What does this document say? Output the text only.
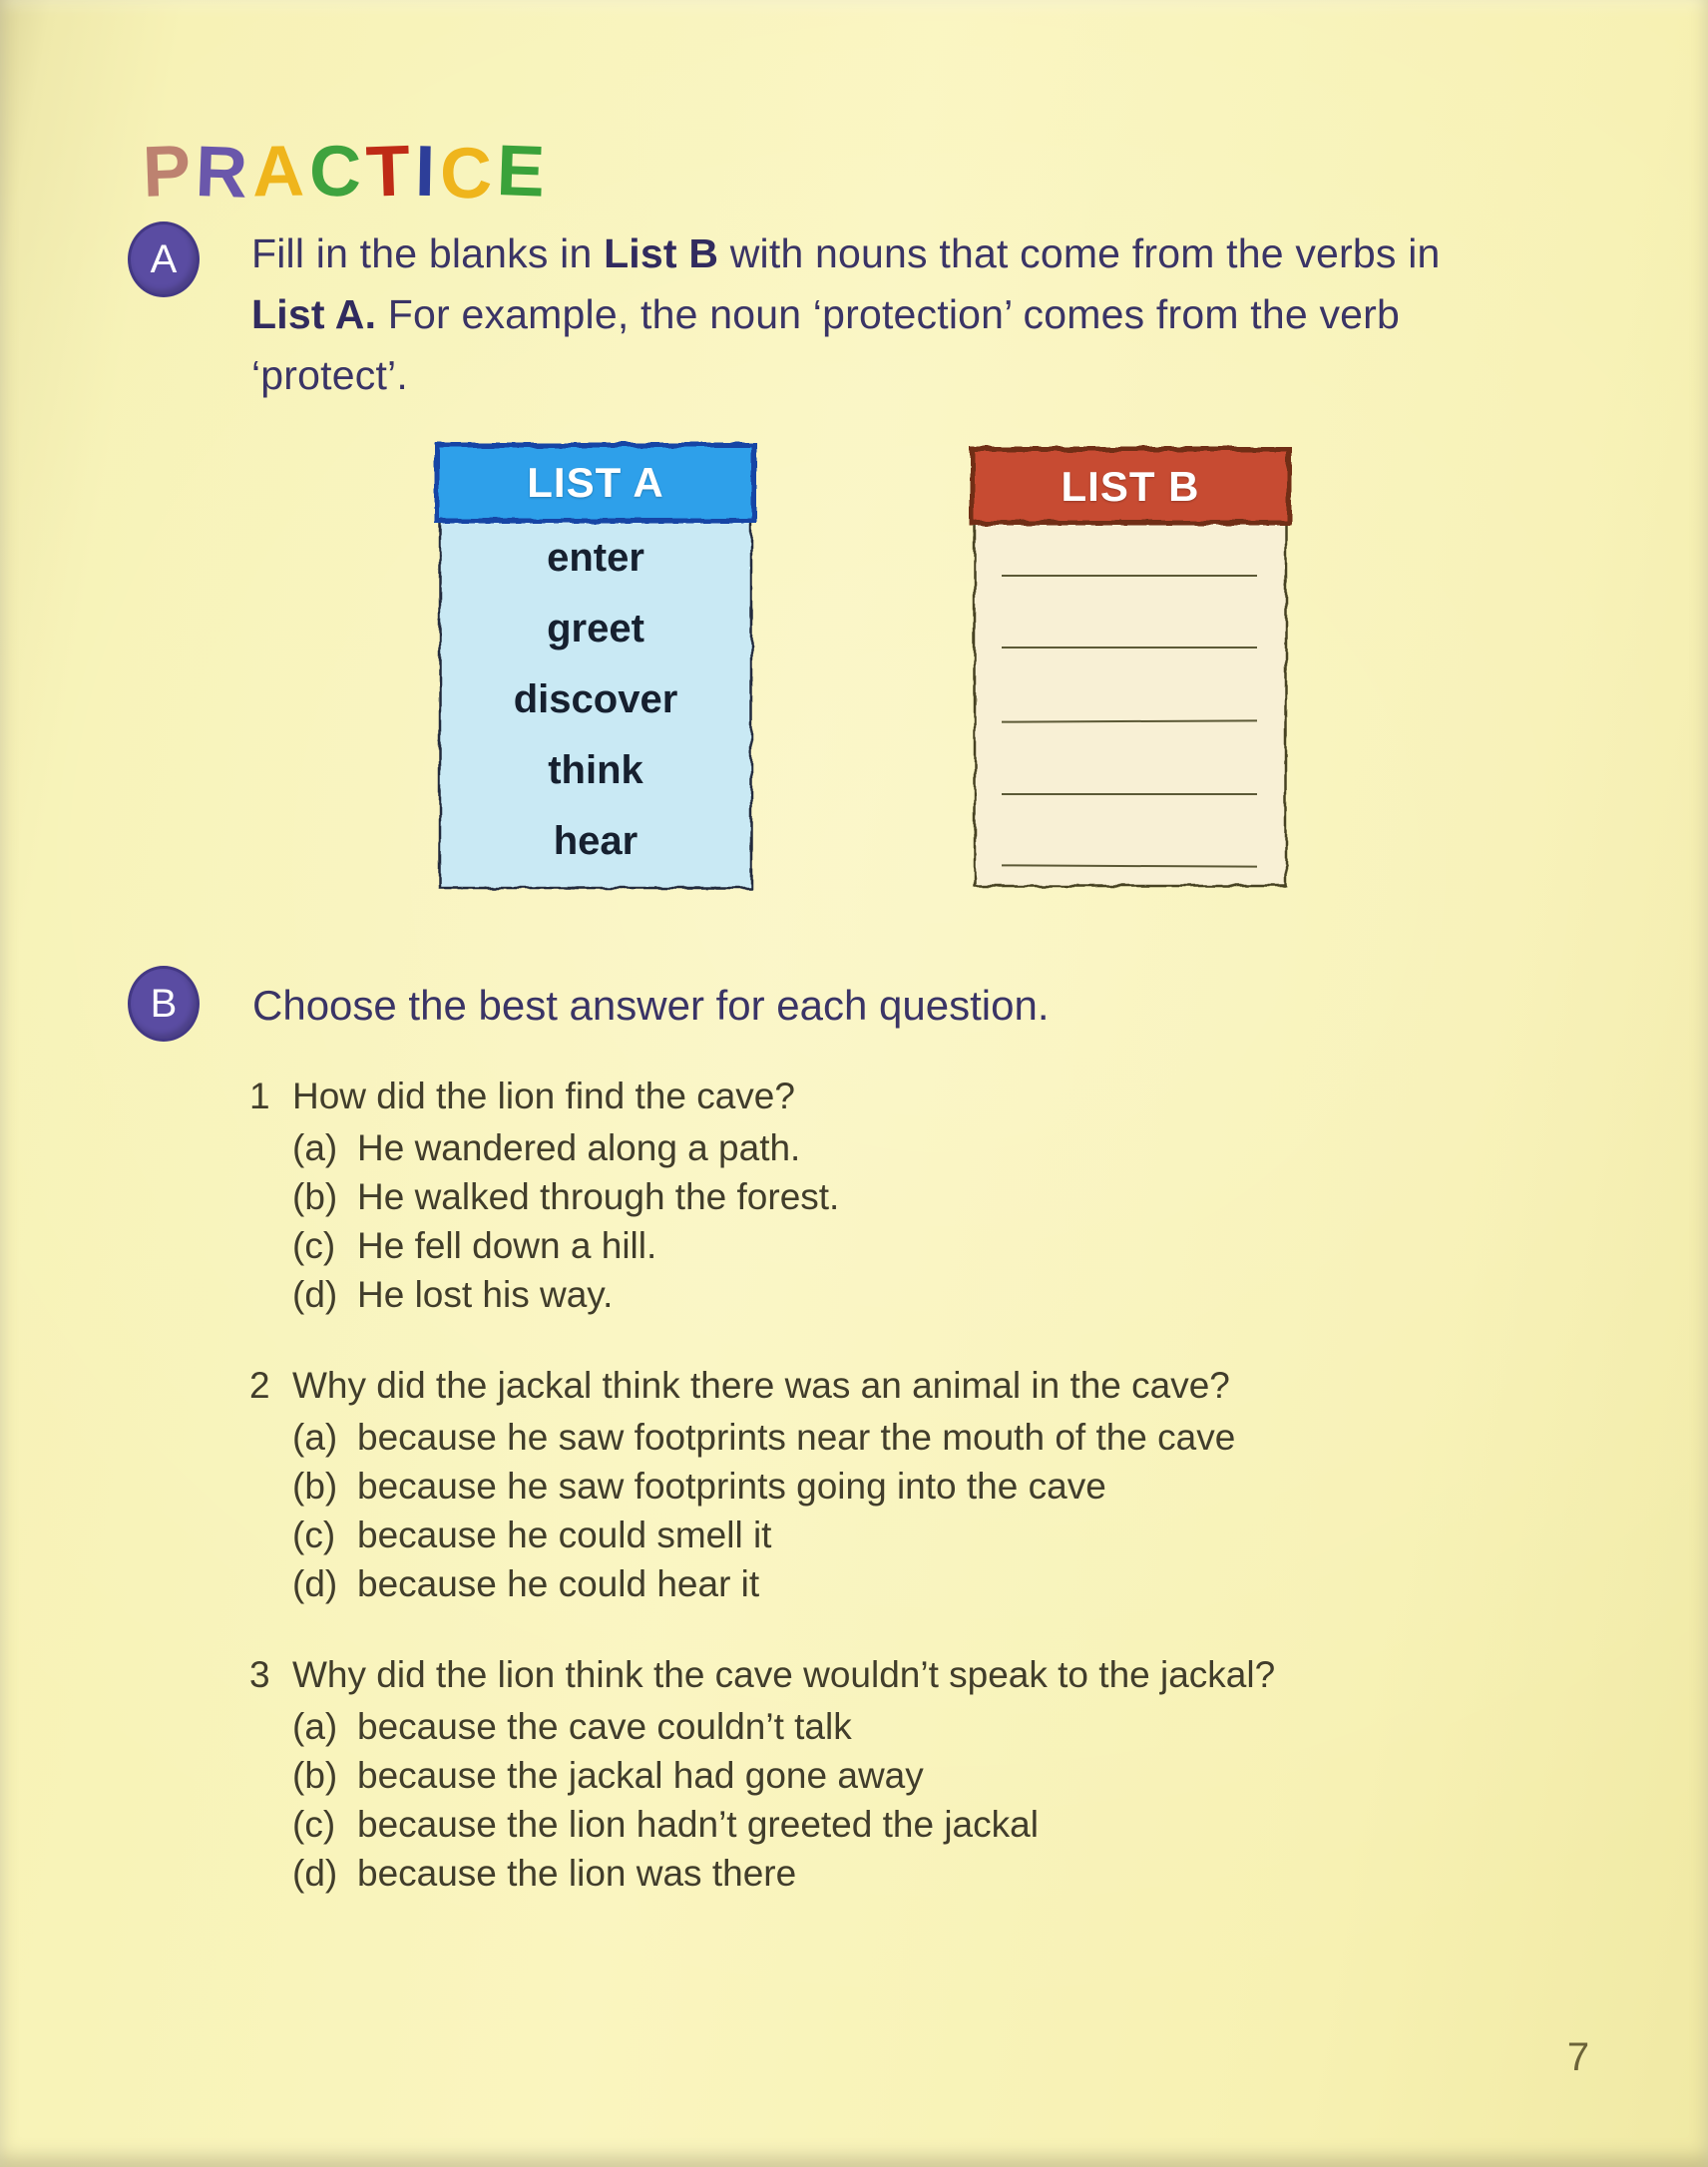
PRACTICE
A Fill in the blanks in List B with nouns that come from the verbs in
List A. For example, the noun ‘protection’ comes from the verb
‘protect’.
LIST A
enter
greet
discover
think
hear
LIST B
B Choose the best answer for each question.
1 How did the lion find the cave?
(a) He wandered along a path.
(b) He walked through the forest.
(c) He fell down a hill.
(d) He lost his way.
2 Why did the jackal think there was an animal in the cave?
(a) because he saw footprints near the mouth of the cave
(b) because he saw footprints going into the cave
(c) because he could smell it
(d) because he could hear it
3 Why did the lion think the cave wouldn’t speak to the jackal?
(a) because the cave couldn’t talk
(b) because the jackal had gone away
(c) because the lion hadn’t greeted the jackal
(d) because the lion was there
7
